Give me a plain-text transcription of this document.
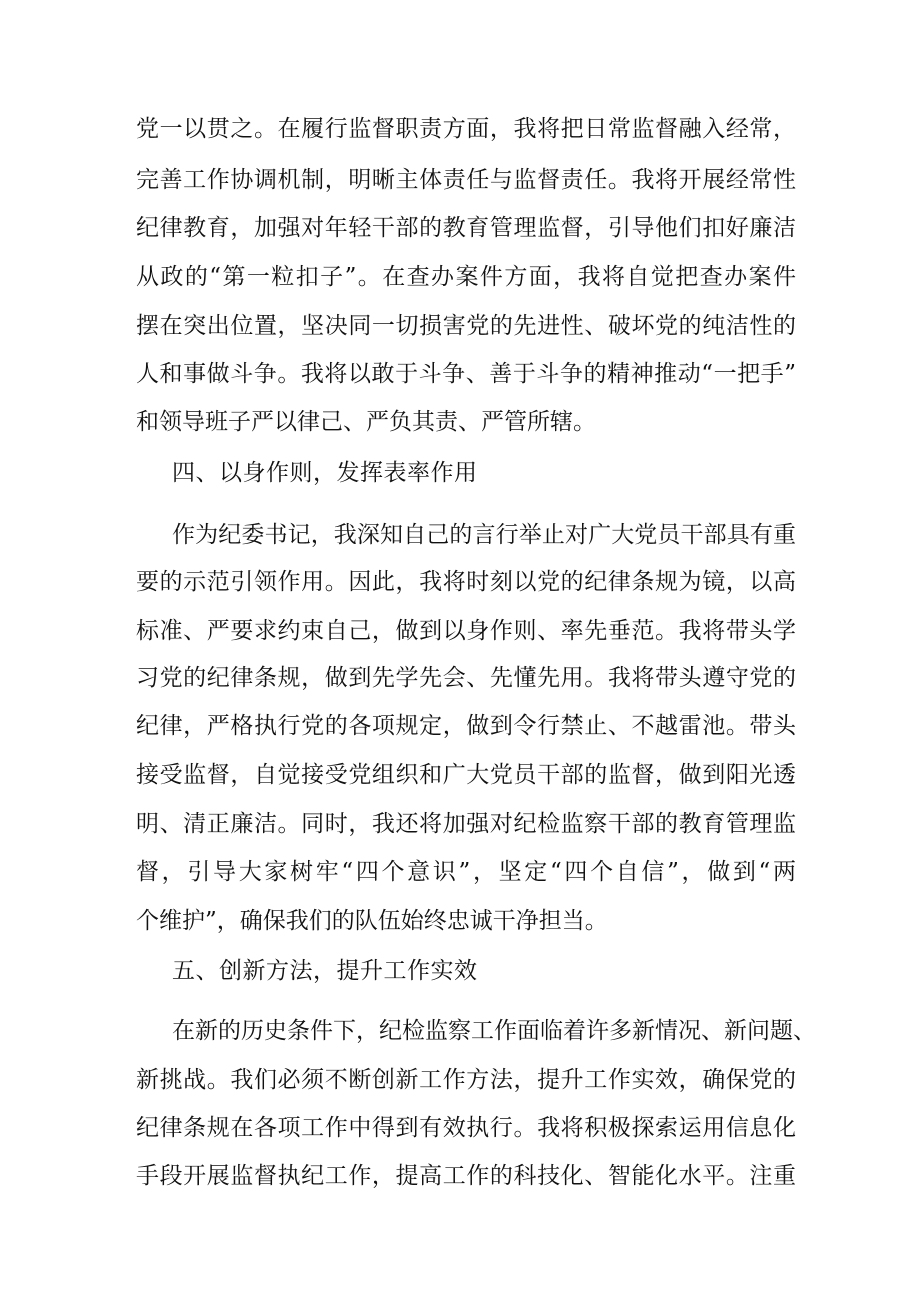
党一以贯之。在履行监督职责方面，我将把日常监督融入经常，
完善工作协调机制，明晰主体责任与监督责任。我将开展经常性
纪律教育，加强对年轻干部的教育管理监督，引导他们扣好廉洁
从政的“第一粒扣子”。在查办案件方面，我将自觉把查办案件
摆在突出位置，坚决同一切损害党的先进性、破坏党的纯洁性的
人和事做斗争。我将以敢于斗争、善于斗争的精神推动“一把手”
和领导班子严以律己、严负其责、严管所辖。
四、以身作则，发挥表率作用
作为纪委书记，我深知自己的言行举止对广大党员干部具有重
要的示范引领作用。因此，我将时刻以党的纪律条规为镜，以高
标准、严要求约束自己，做到以身作则、率先垂范。我将带头学
习党的纪律条规，做到先学先会、先懂先用。我将带头遵守党的
纪律，严格执行党的各项规定，做到令行禁止、不越雷池。带头
接受监督，自觉接受党组织和广大党员干部的监督，做到阳光透
明、清正廉洁。同时，我还将加强对纪检监察干部的教育管理监
督，引导大家树牢“四个意识”，坚定“四个自信”，做到“两
个维护”，确保我们的队伍始终忠诚干净担当。
五、创新方法，提升工作实效
在新的历史条件下，纪检监察工作面临着许多新情况、新问题、
新挑战。我们必须不断创新工作方法，提升工作实效，确保党的
纪律条规在各项工作中得到有效执行。我将积极探索运用信息化
手段开展监督执纪工作，提高工作的科技化、智能化水平。注重
